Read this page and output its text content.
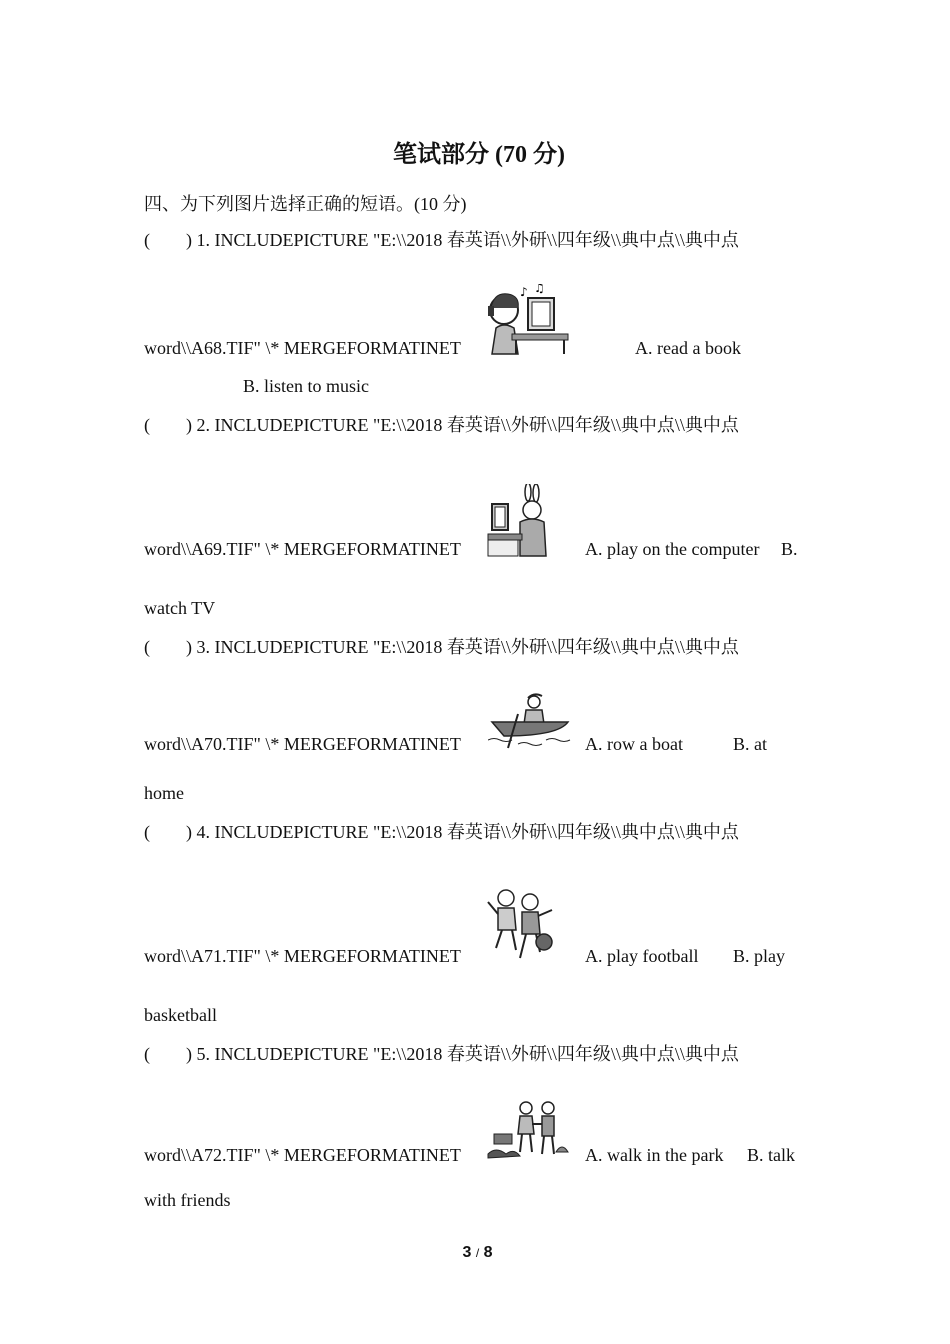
笔试部分 (70 分)
四、为下列图片选择正确的短语。(10 分)
(　　) 1. INCLUDEPICTURE "E:\\2018 春英语\\外研\\四年级\\典中点\\典中点
word\\A68.TIF" \* MERGEFORMATINET
♪ ♫
A. read a book
B. listen to music
(　　) 2. INCLUDEPICTURE "E:\\2018 春英语\\外研\\四年级\\典中点\\典中点
word\\A69.TIF" \* MERGEFORMATINET	A. play on the computer B.
watch TV
(　　) 3. INCLUDEPICTURE "E:\\2018 春英语\\外研\\四年级\\典中点\\典中点
word\\A70.TIF" \* MERGEFORMATINET	A. row a boat	B. at
home
(　　) 4. INCLUDEPICTURE "E:\\2018 春英语\\外研\\四年级\\典中点\\典中点
word\\A71.TIF" \* MERGEFORMATINET	A. play football B. play
basketball
(　　) 5. INCLUDEPICTURE "E:\\2018 春英语\\外研\\四年级\\典中点\\典中点
word\\A72.TIF" \* MERGEFORMATINET	A. walk in the park B. talk
with friends
3 / 8
